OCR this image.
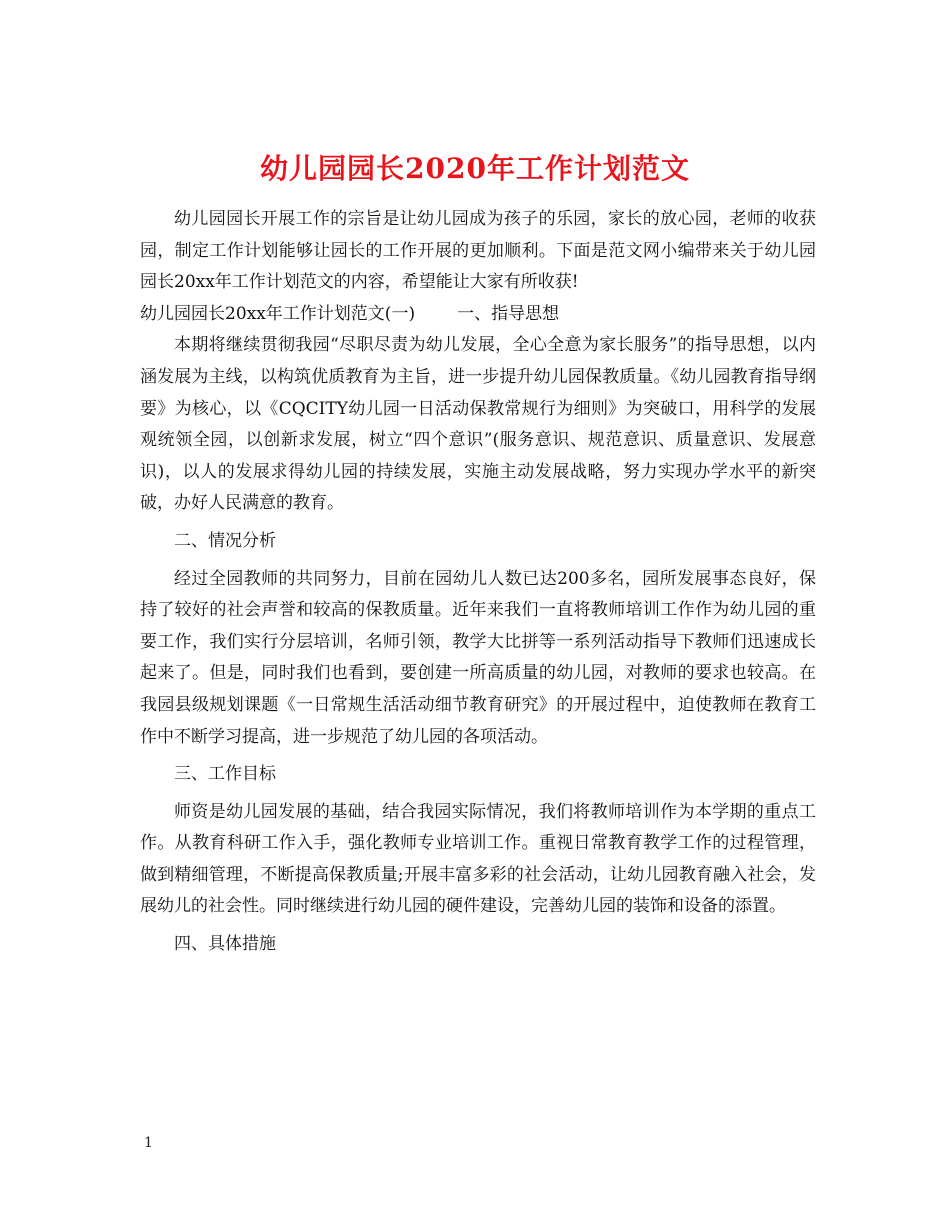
幼儿园园长2020年工作计划范文

幼儿园园长开展工作的宗旨是让幼儿园成为孩子的乐园，家长的放心园，老师的收获园，制定工作计划能够让园长的工作开展的更加顺利。下面是范文网小编带来关于幼儿园园长20xx年工作计划范文的内容，希望能让大家有所收获!

幼儿园园长20xx年工作计划范文(一) 一、指导思想

本期将继续贯彻我园“尽职尽责为幼儿发展，全心全意为家长服务”的指导思想，以内涵发展为主线，以构筑优质教育为主旨，进一步提升幼儿园保教质量。《幼儿园教育指导纲要》为核心，以《CQCITY幼儿园一日活动保教常规行为细则》为突破口，用科学的发展观统领全园，以创新求发展，树立“四个意识”(服务意识、规范意识、质量意识、发展意识)，以人的发展求得幼儿园的持续发展，实施主动发展战略，努力实现办学水平的新突破，办好人民满意的教育。

二、情况分析

经过全园教师的共同努力，目前在园幼儿人数已达200多名，园所发展事态良好，保持了较好的社会声誉和较高的保教质量。近年来我们一直将教师培训工作作为幼儿园的重要工作，我们实行分层培训，名师引领，教学大比拼等一系列活动指导下教师们迅速成长起来了。但是，同时我们也看到，要创建一所高质量的幼儿园，对教师的要求也较高。在我园县级规划课题《一日常规生活活动细节教育研究》的开展过程中，迫使教师在教育工作中不断学习提高，进一步规范了幼儿园的各项活动。

三、工作目标

师资是幼儿园发展的基础，结合我园实际情况，我们将教师培训作为本学期的重点工作。从教育科研工作入手，强化教师专业培训工作。重视日常教育教学工作的过程管理，做到精细管理，不断提高保教质量;开展丰富多彩的社会活动，让幼儿园教育融入社会，发展幼儿的社会性。同时继续进行幼儿园的硬件建设，完善幼儿园的装饰和设备的添置。

四、具体措施

1
